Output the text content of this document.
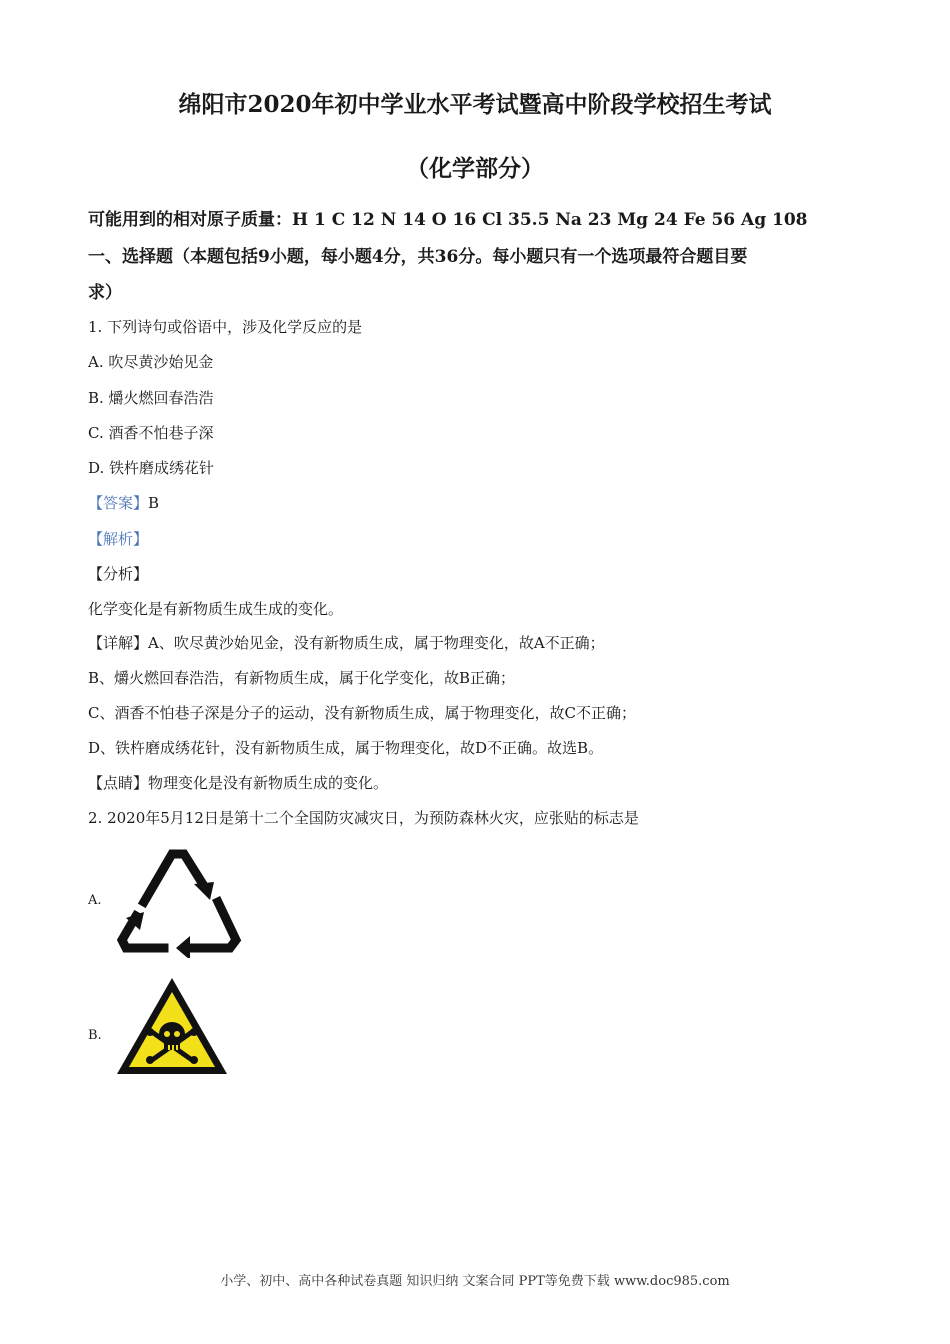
绵阳市2020年初中学业水平考试暨高中阶段学校招生考试
（化学部分）
可能用到的相对原子质量：H 1 C 12 N 14 O 16 Cl 35.5 Na 23 Mg 24 Fe 56 Ag 108
一、选择题（本题包括9小题，每小题4分，共36分。每小题只有一个选项最符合题目要
求）
1. 下列诗句或俗语中，涉及化学反应的是
A. 吹尽黄沙始见金
B. 爝火燃回春浩浩
C. 酒香不怕巷子深
D. 铁杵磨成绣花针
【答案】B
【解析】
【分析】
化学变化是有新物质生成生成的变化。
【详解】A、吹尽黄沙始见金，没有新物质生成，属于物理变化，故A不正确；
B、爝火燃回春浩浩，有新物质生成，属于化学变化，故B正确；
C、酒香不怕巷子深是分子的运动，没有新物质生成，属于物理变化，故C不正确；
D、铁杵磨成绣花针，没有新物质生成，属于物理变化，故D不正确。故选B。
【点睛】物理变化是没有新物质生成的变化。
2. 2020年5月12日是第十二个全国防灾减灾日，为预防森林火灾，应张贴的标志是
A.
B.
小学、初中、高中各种试卷真题 知识归纳 文案合同 PPT等免费下载 www.doc985.com
